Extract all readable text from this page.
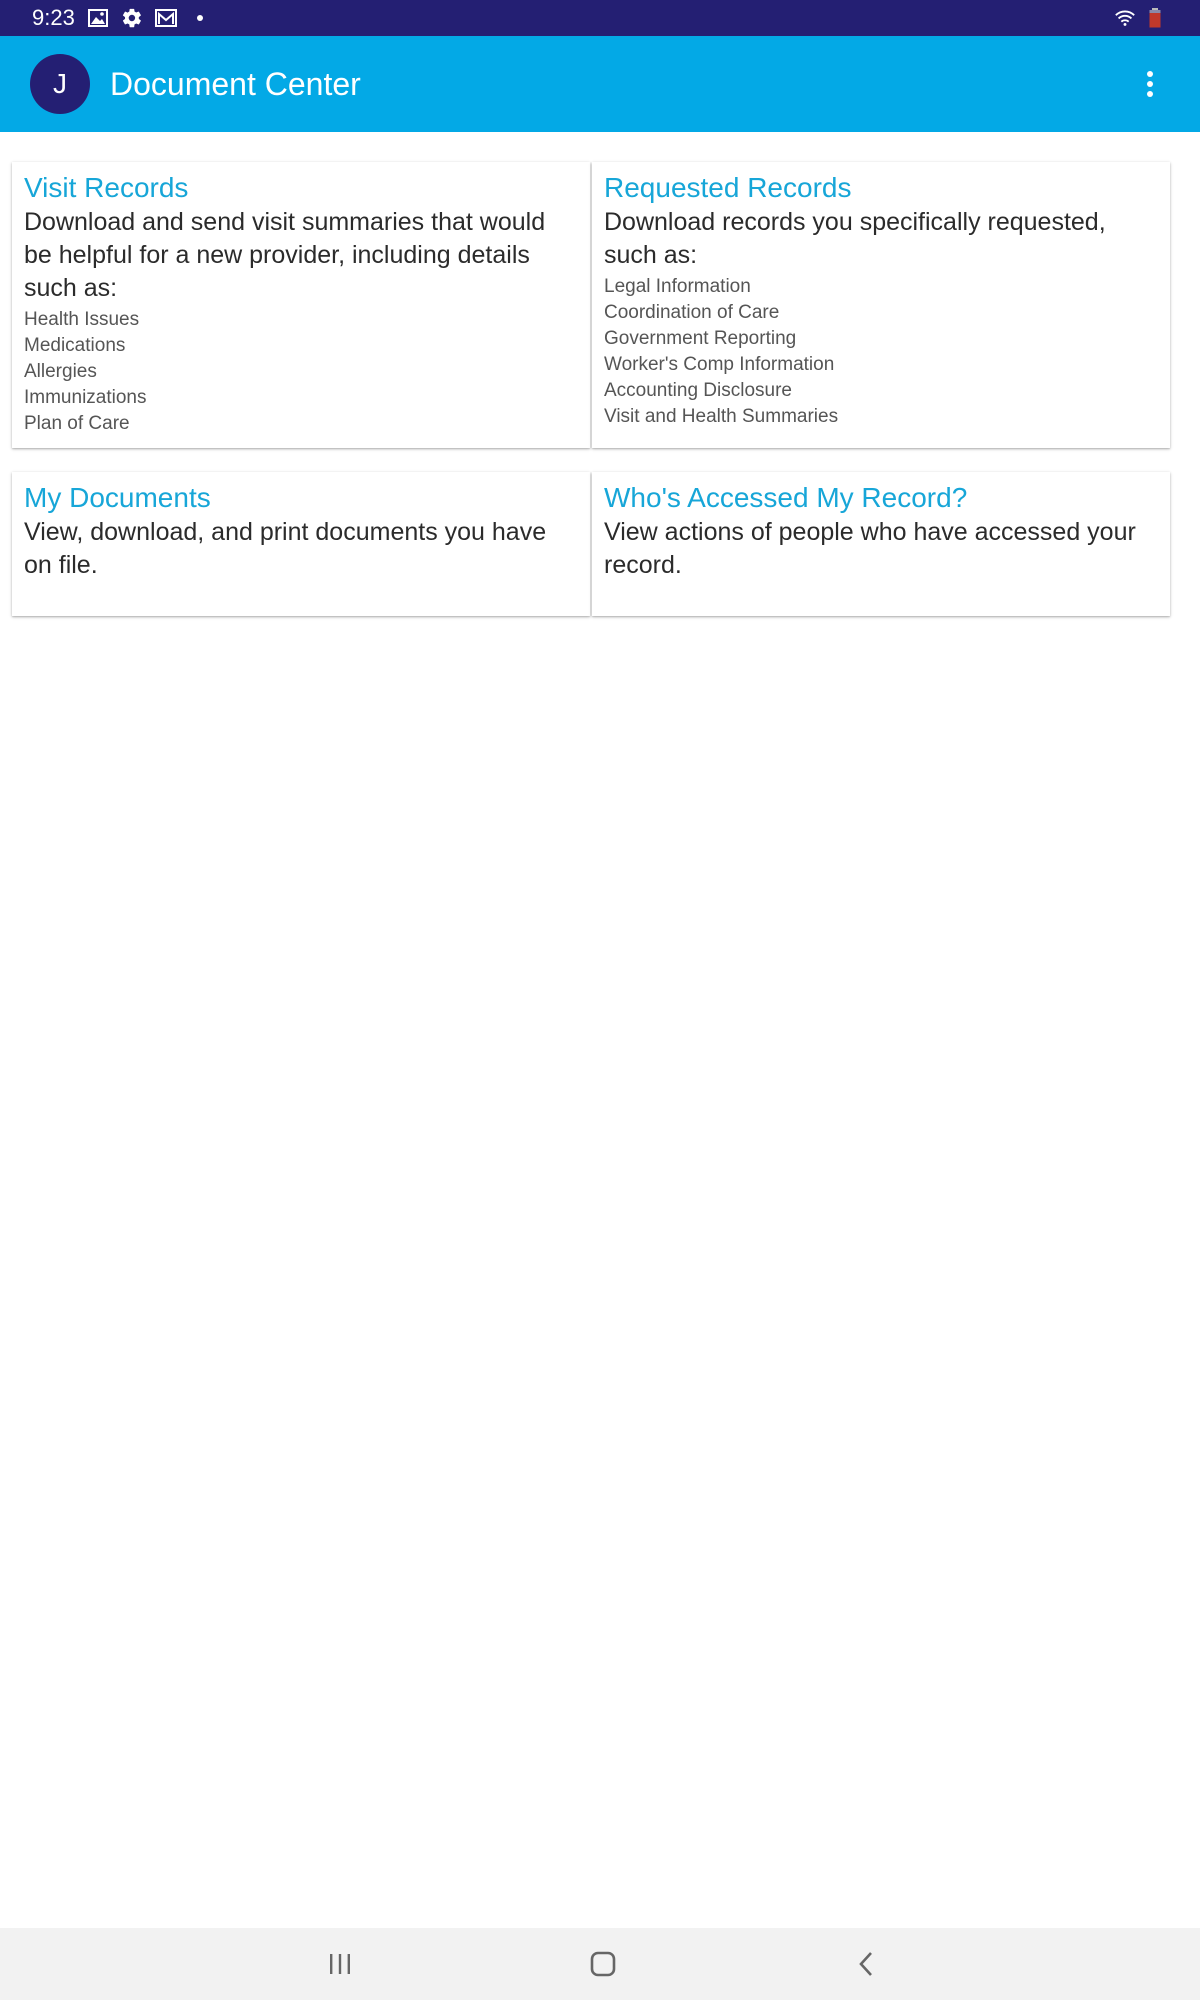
9:23
J	Document Center
Visit Records
Download and send visit summaries that would be helpful for a new provider, including details such as:
Health Issues
Medications
Allergies
Immunizations
Plan of Care
Requested Records
Download records you specifically requested, such as:
Legal Information
Coordination of Care
Government Reporting
Worker's Comp Information
Accounting Disclosure
Visit and Health Summaries
My Documents
View, download, and print documents you have on file.
Who's Accessed My Record?
View actions of people who have accessed your record.
